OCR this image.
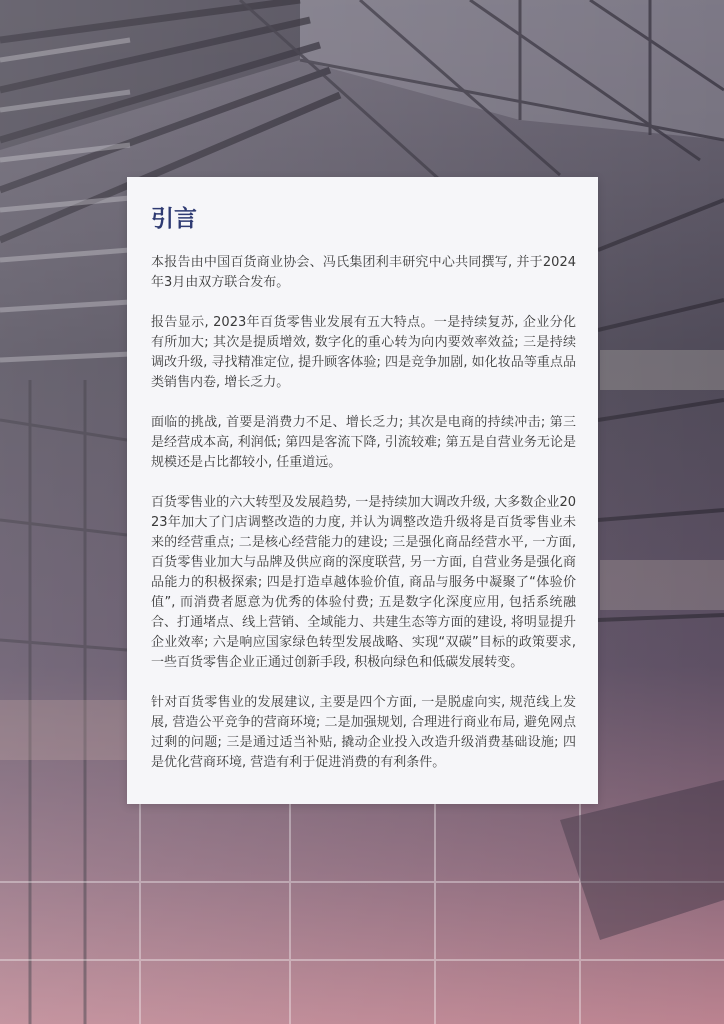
引言

本报告由中国百货商业协会、冯氏集团利丰研究中心共同撰写, 并于2024年3月由双方联合发布。

报告显示, 2023年百货零售业发展有五大特点。一是持续复苏, 企业分化有所加大; 其次是提质增效, 数字化的重心转为向内要效率效益; 三是持续调改升级, 寻找精准定位, 提升顾客体验; 四是竞争加剧, 如化妆品等重点品类销售内卷, 增长乏力。

面临的挑战, 首要是消费力不足、增长乏力; 其次是电商的持续冲击; 第三是经营成本高, 利润低; 第四是客流下降, 引流较难; 第五是自营业务无论是规模还是占比都较小, 任重道远。

百货零售业的六大转型及发展趋势, 一是持续加大调改升级, 大多数企业2023年加大了门店调整改造的力度, 并认为调整改造升级将是百货零售业未来的经营重点; 二是核心经营能力的建设; 三是强化商品经营水平, 一方面, 百货零售业加大与品牌及供应商的深度联营, 另一方面, 自营业务是强化商品能力的积极探索; 四是打造卓越体验价值, 商品与服务中凝聚了“体验价值”, 而消费者愿意为优秀的体验付费; 五是数字化深度应用, 包括系统融合、打通堵点、线上营销、全域能力、共建生态等方面的建设, 将明显提升企业效率; 六是响应国家绿色转型发展战略、实现“双碳”目标的政策要求, 一些百货零售企业正通过创新手段, 积极向绿色和低碳发展转变。

针对百货零售业的发展建议, 主要是四个方面, 一是脱虚向实, 规范线上发展, 营造公平竞争的营商环境; 二是加强规划, 合理进行商业布局, 避免网点过剩的问题; 三是通过适当补贴, 撬动企业投入改造升级消费基础设施; 四是优化营商环境, 营造有利于促进消费的有利条件。
